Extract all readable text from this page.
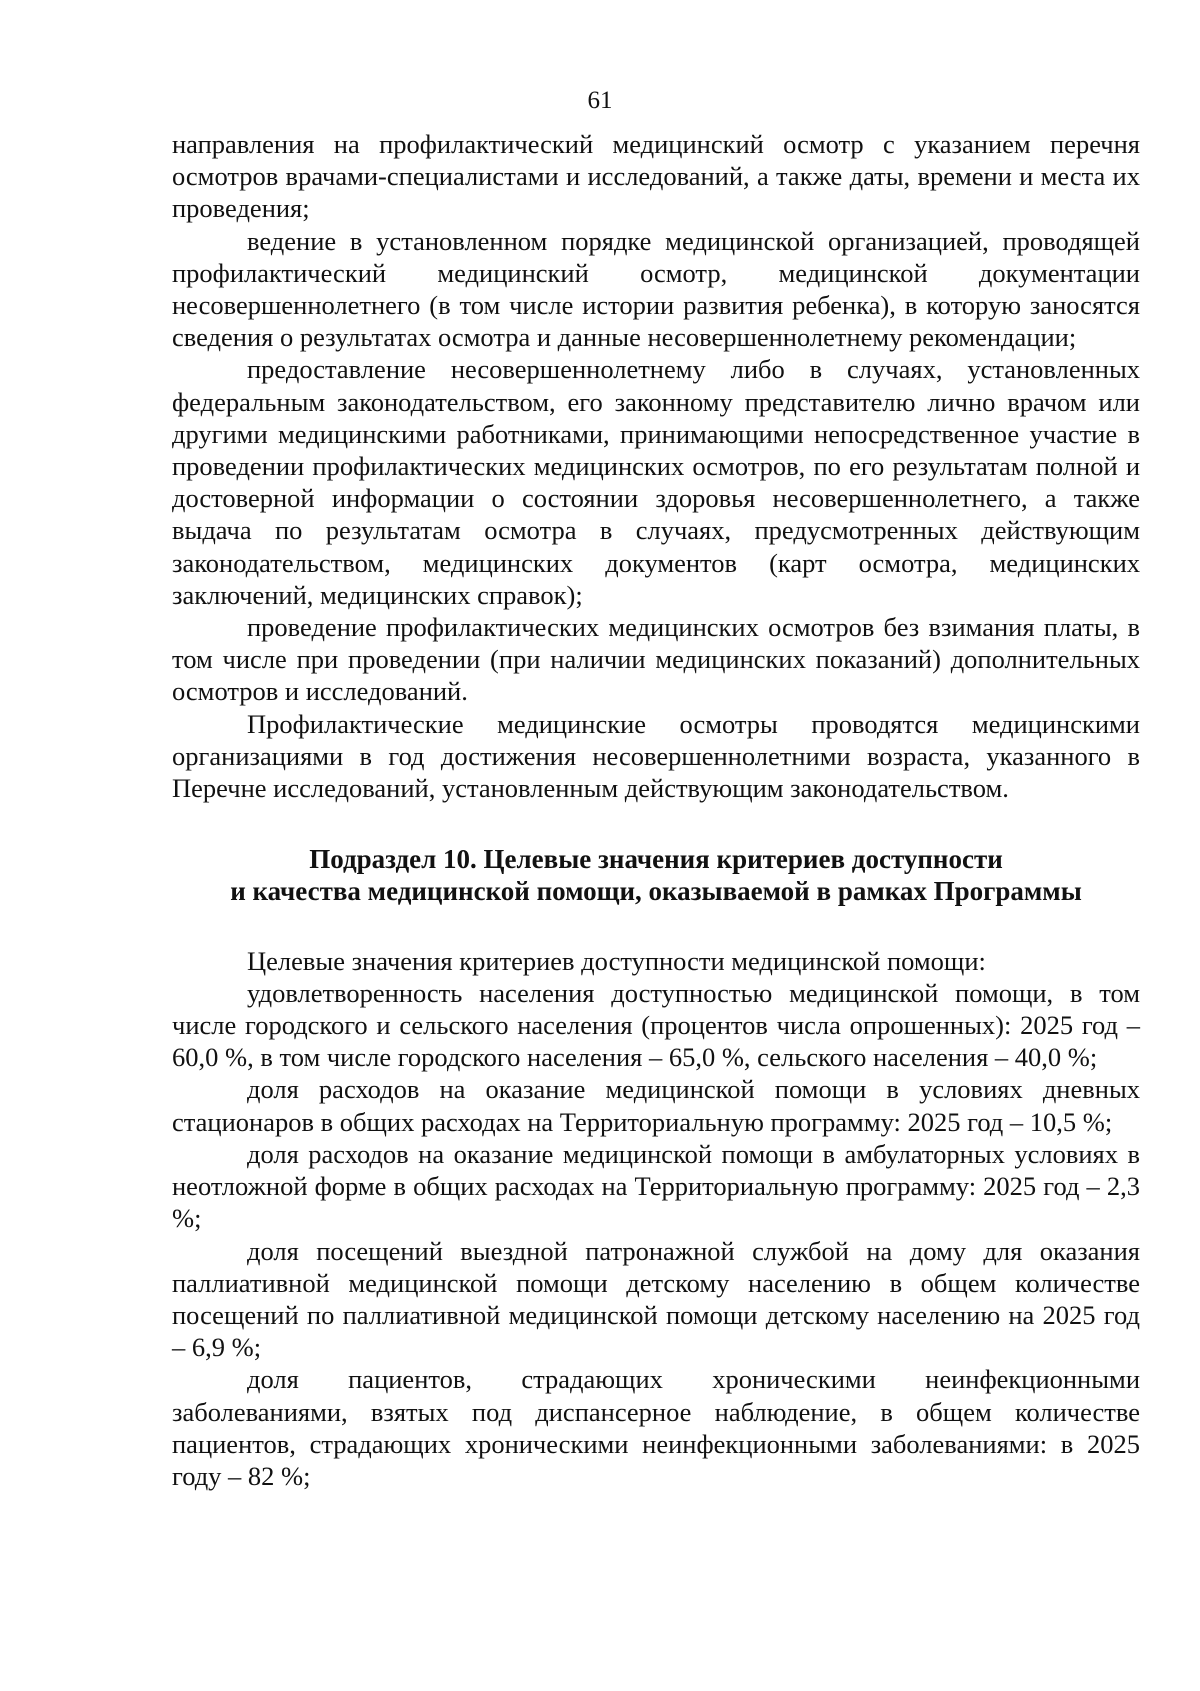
61

направления на профилактический медицинский осмотр с указанием перечня осмотров врачами-специалистами и исследований, а также даты, времени и места их проведения;

ведение в установленном порядке медицинской организацией, проводящей профилактический медицинский осмотр, медицинской документации несовершеннолетнего (в том числе истории развития ребенка), в которую заносятся сведения о результатах осмотра и данные несовершеннолетнему рекомендации;

предоставление несовершеннолетнему либо в случаях, установленных федеральным законодательством, его законному представителю лично врачом или другими медицинскими работниками, принимающими непосредственное участие в проведении профилактических медицинских осмотров, по его результатам полной и достоверной информации о состоянии здоровья несовершеннолетнего, а также выдача по результатам осмотра в случаях, предусмотренных действующим законодательством, медицинских документов (карт осмотра, медицинских заключений, медицинских справок);

проведение профилактических медицинских осмотров без взимания платы, в том числе при проведении (при наличии медицинских показаний) дополнительных осмотров и исследований.

Профилактические медицинские осмотры проводятся медицинскими организациями в год достижения несовершеннолетними возраста, указанного в Перечне исследований, установленным действующим законодательством.

Подраздел 10. Целевые значения критериев доступности
и качества медицинской помощи, оказываемой в рамках Программы

Целевые значения критериев доступности медицинской помощи:

удовлетворенность населения доступностью медицинской помощи, в том числе городского и сельского населения (процентов числа опрошенных): 2025 год – 60,0 %, в том числе городского населения – 65,0 %, сельского населения – 40,0 %;

доля расходов на оказание медицинской помощи в условиях дневных стационаров в общих расходах на Территориальную программу: 2025 год – 10,5 %;

доля расходов на оказание медицинской помощи в амбулаторных условиях в неотложной форме в общих расходах на Территориальную программу: 2025 год – 2,3 %;

доля посещений выездной патронажной службой на дому для оказания паллиативной медицинской помощи детскому населению в общем количестве посещений по паллиативной медицинской помощи детскому населению на 2025 год – 6,9 %;

доля пациентов, страдающих хроническими неинфекционными заболеваниями, взятых под диспансерное наблюдение, в общем количестве пациентов, страдающих хроническими неинфекционными заболеваниями: в 2025 году – 82 %;
